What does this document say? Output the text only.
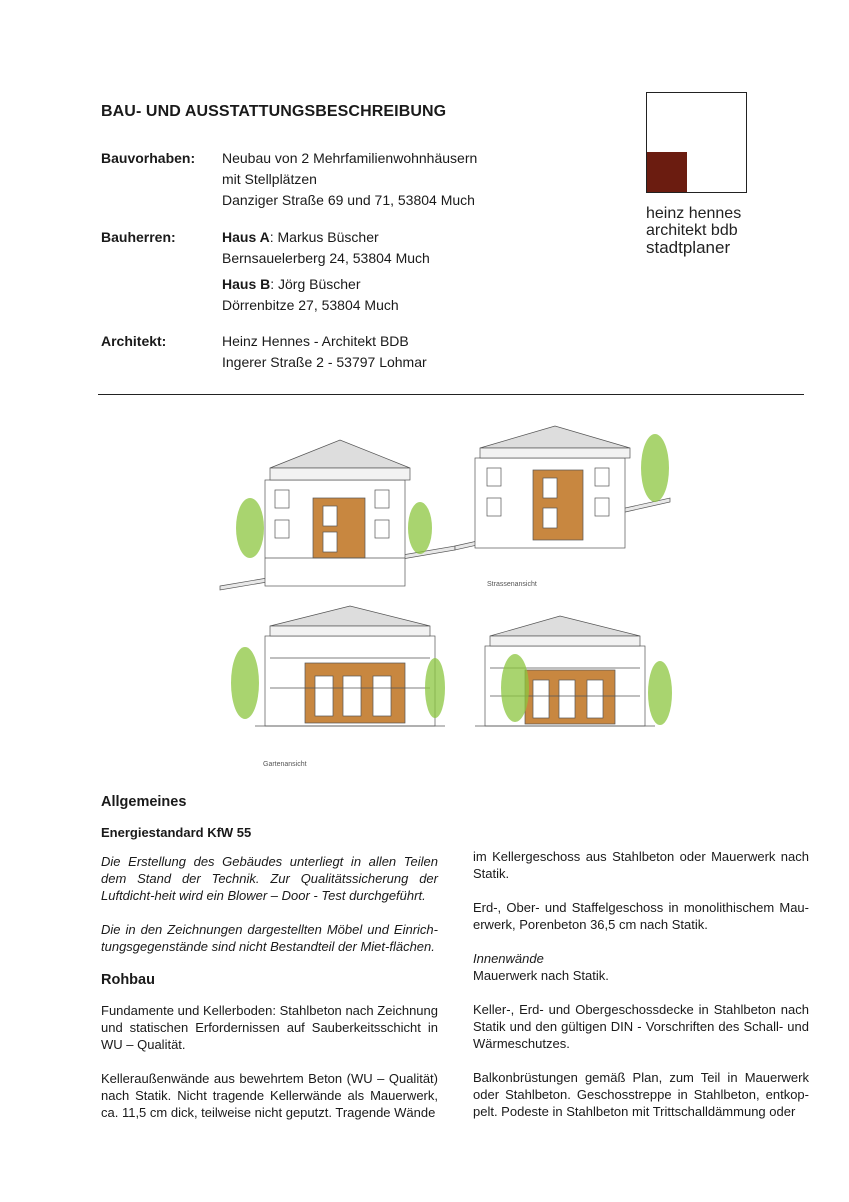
BAU- UND AUSSTATTUNGSBESCHREIBUNG
Bauvorhaben: Neubau von 2 Mehrfamilienwohnhäusern
mit Stellplätzen
Danziger Straße 69 und 71, 53804 Much
Bauherren:	Haus A: Markus Büscher
Bernsauelerberg 24, 53804 Much
Haus B: Jörg Büscher
Dörrenbitze 27, 53804 Much
Architekt:	Heinz Hennes - Architekt BDB
Ingerer Straße 2 - 53797 Lohmar
heinz hennes
architekt bdb
stadtplaner
Strassenansicht
Gartenansicht
Allgemeines
Energiestandard KfW 55

Die Erstellung des Gebäudes unterliegt in allen Teilen dem Stand der Technik. Zur Qualitätssicherung der Luftdicht-heit wird ein Blower – Door - Test durchgeführt.

Die in den Zeichnungen dargestellten Möbel und Einrich-tungsgegenstände sind nicht Bestandteil der Miet-flächen.

Rohbau

Fundamente und Kellerboden: Stahlbeton nach Zeichnung und statischen Erfordernissen auf Sauberkeitsschicht in WU – Qualität.

Kelleraußenwände aus bewehrtem Beton (WU – Qualität) nach Statik. Nicht tragende Kellerwände als Mauerwerk, ca. 11,5 cm dick, teilweise nicht geputzt. Tragende Wände

im Kellergeschoss aus Stahlbeton oder Mauerwerk nach Statik.

Erd-, Ober- und Staffelgeschoss in monolithischem Mau-erwerk, Porenbeton 36,5 cm nach Statik.

Innenwände

Mauerwerk nach Statik.

Keller-, Erd- und Obergeschossdecke in Stahlbeton nach Statik und den gültigen DIN - Vorschriften des Schall- und Wärmeschutzes.

Balkonbrüstungen gemäß Plan, zum Teil in Mauerwerk oder Stahlbeton. Geschosstreppe in Stahlbeton, entkop-pelt. Podeste in Stahlbeton mit Trittschalldämmung oder
